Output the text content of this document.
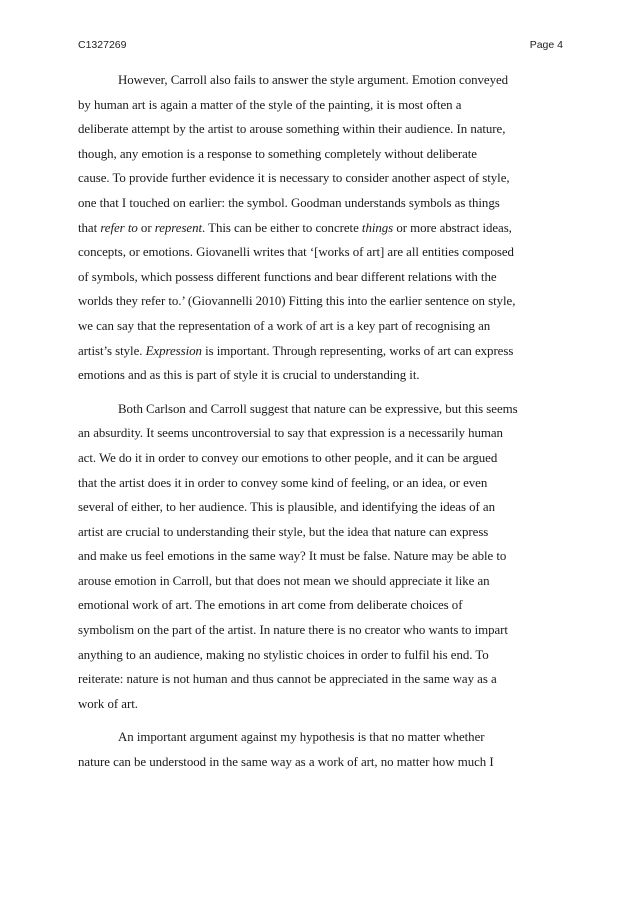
C1327269	Page 4
However, Carroll also fails to answer the style argument. Emotion conveyed
by human art is again a matter of the style of the painting, it is most often a
deliberate attempt by the artist to arouse something within their audience. In nature,
though, any emotion is a response to something completely without deliberate
cause. To provide further evidence it is necessary to consider another aspect of style,
one that I touched on earlier: the symbol. Goodman understands symbols as things
that refer to or represent. This can be either to concrete things or more abstract ideas,
concepts, or emotions. Giovanelli writes that ‘[works of art] are all entities composed
of symbols, which possess different functions and bear different relations with the
worlds they refer to.’ (Giovannelli 2010) Fitting this into the earlier sentence on style,
we can say that the representation of a work of art is a key part of recognising an
artist’s style. Expression is important. Through representing, works of art can express
emotions and as this is part of style it is crucial to understanding it.
Both Carlson and Carroll suggest that nature can be expressive, but this seems
an absurdity. It seems uncontroversial to say that expression is a necessarily human
act. We do it in order to convey our emotions to other people, and it can be argued
that the artist does it in order to convey some kind of feeling, or an idea, or even
several of either, to her audience. This is plausible, and identifying the ideas of an
artist are crucial to understanding their style, but the idea that nature can express
and make us feel emotions in the same way? It must be false. Nature may be able to
arouse emotion in Carroll, but that does not mean we should appreciate it like an
emotional work of art. The emotions in art come from deliberate choices of
symbolism on the part of the artist. In nature there is no creator who wants to impart
anything to an audience, making no stylistic choices in order to fulfil his end. To
reiterate: nature is not human and thus cannot be appreciated in the same way as a
work of art.
An important argument against my hypothesis is that no matter whether
nature can be understood in the same way as a work of art, no matter how much I
